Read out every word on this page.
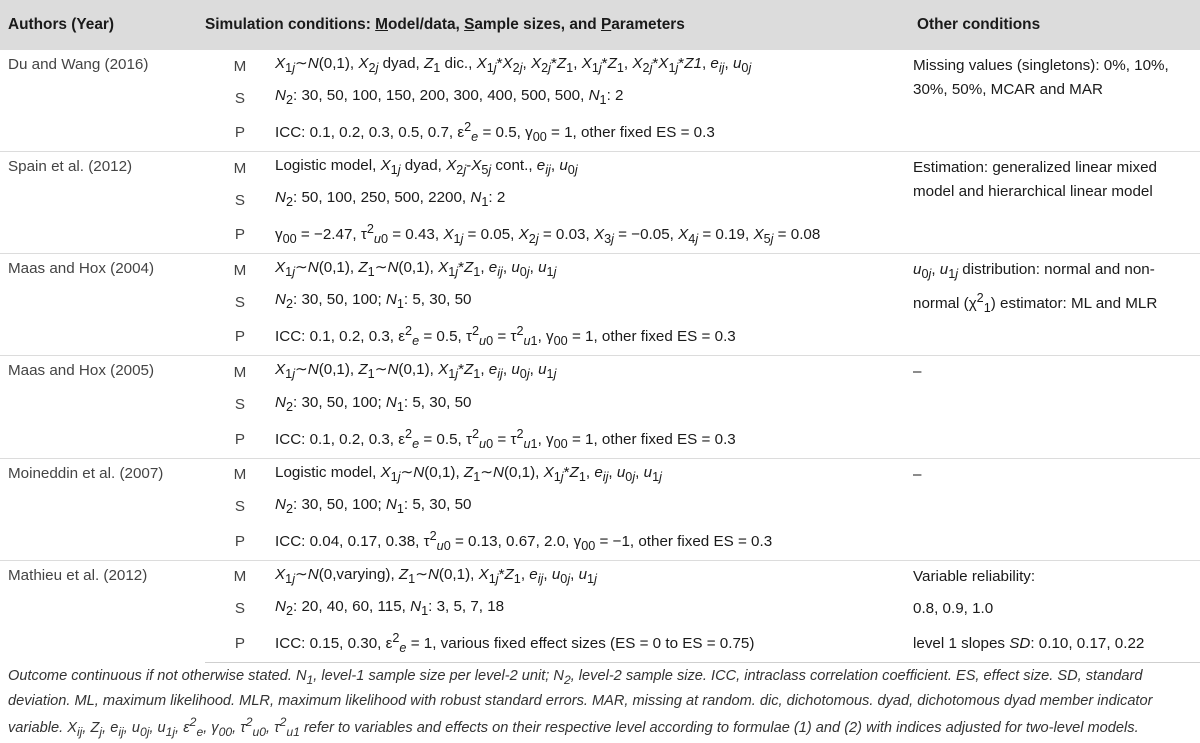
Authors (Year)	Simulation conditions: Model/data, Sample sizes, and Parameters		Other conditions
Du and Wang (2016)	M	$X_{1j}\sim N(0,1)$, $X_{2j}$ dyad, $Z_1$ dic., $X_{1j}*X_{2j}$, $X_{2j}*Z_1$, $X_{1j}*Z_1$, $X_{2j}*X_{1j}*Z1$, $e_{ij}$, $u_{0j}$	Missing values (singletons): 0%, 10%, 30%, 50%, MCAR and MAR
	S	$N_2$: 30, 50, 100, 150, 200, 300, 400, 500, 500, $N_1$: 2	
	P	ICC: 0.1, 0.2, 0.3, 0.5, 0.7, $\varepsilon^2_e = 0.5$, $\gamma_{00} = 1$, other fixed ES = 0.3	
Spain et al. (2012)	M	Logistic model, $X_{1j}$ dyad, $X_{2j}-X_{5j}$ cont., $e_{ij}$, $u_{0j}$	Estimation: generalized linear mixed model and hierarchical linear model
	S	$N_2$: 50, 100, 250, 500, 2200, $N_1$: 2	
	P	$\gamma_{00} = -2.47$, $\tau^2_{u0} = 0.43$, $X_{1j} = 0.05$, $X_{2j} = 0.03$, $X_{3j} = -0.05$, $X_{4j} = 0.19$, $X_{5j} = 0.08$	
Maas and Hox (2004)	M	$X_{1j}\sim N(0,1)$, $Z_1\sim N(0,1)$, $X_{1j}*Z_1$, $e_{ij}$, $u_{0j}$, $u_{1j}$	$u_{0j}$, $u_{1j}$ distribution: normal and non-normal $(\chi^2_1)$ estimator: ML and MLR
	S	$N_2$: 30, 50, 100; $N_1$: 5, 30, 50	
	P	ICC: 0.1, 0.2, 0.3, $\varepsilon^2_e = 0.5$, $\tau^2_{u0} = \tau^2_{u1}$, $\gamma_{00} = 1$, other fixed ES = 0.3	
Maas and Hox (2005)	M	$X_{1j}\sim N(0,1)$, $Z_1\sim N(0,1)$, $X_{1j}*Z_1$, $e_{ij}$, $u_{0j}$, $u_{1j}$	–
	S	$N_2$: 30, 50, 100; $N_1$: 5, 30, 50	
	P	ICC: 0.1, 0.2, 0.3, $\varepsilon^2_e = 0.5$, $\tau^2_{u0} = \tau^2_{u1}$, $\gamma_{00} = 1$, other fixed ES = 0.3	
Moineddin et al. (2007)	M	Logistic model, $X_{1j}\sim N(0,1)$, $Z_1\sim N(0,1)$, $X_{1j}*Z_1$, $e_{ij}$, $u_{0j}$, $u_{1j}$	–
	S	$N_2$: 30, 50, 100; $N_1$: 5, 30, 50	
	P	ICC: 0.04, 0.17, 0.38, $\tau^2_{u0} = 0.13$, 0.67, 2.0, $\gamma_{00} = -1$, other fixed ES = 0.3	
Mathieu et al. (2012)	M	$X_{1j}\sim N(0,varying)$, $Z_1\sim N(0,1)$, $X_{1j}*Z_1$, $e_{ij}$, $u_{0j}$, $u_{1j}$	Variable reliability:
	S	$N_2$: 20, 40, 60, 115, $N_1$: 3, 5, 7, 18	0.8, 0.9, 1.0
	P	ICC: 0.15, 0.30, $\varepsilon^2_e = 1$, various fixed effect sizes (ES = 0 to ES = 0.75)	level 1 slopes SD: 0.10, 0.17, 0.22
Outcome continuous if not otherwise stated. $N_1$, level-1 sample size per level-2 unit; $N_2$, level-2 sample size. ICC, intraclass correlation coefficient. ES, effect size. SD, standard deviation. ML, maximum likelihood. MLR, maximum likelihood with robust standard errors. MAR, missing at random. dic, dichotomous. dyad, dichotomous dyad member indicator variable. $X_{ij}$, $Z_j$, $e_{ij}$, $u_{0j}$, $u_{1j}$, $\varepsilon^2_e$, $\gamma_{00}$, $\tau^2_{u0}$, $\tau^2_{u1}$ refer to variables and effects on their respective level according to formulae (1) and (2) with indices adjusted for two-level models.
